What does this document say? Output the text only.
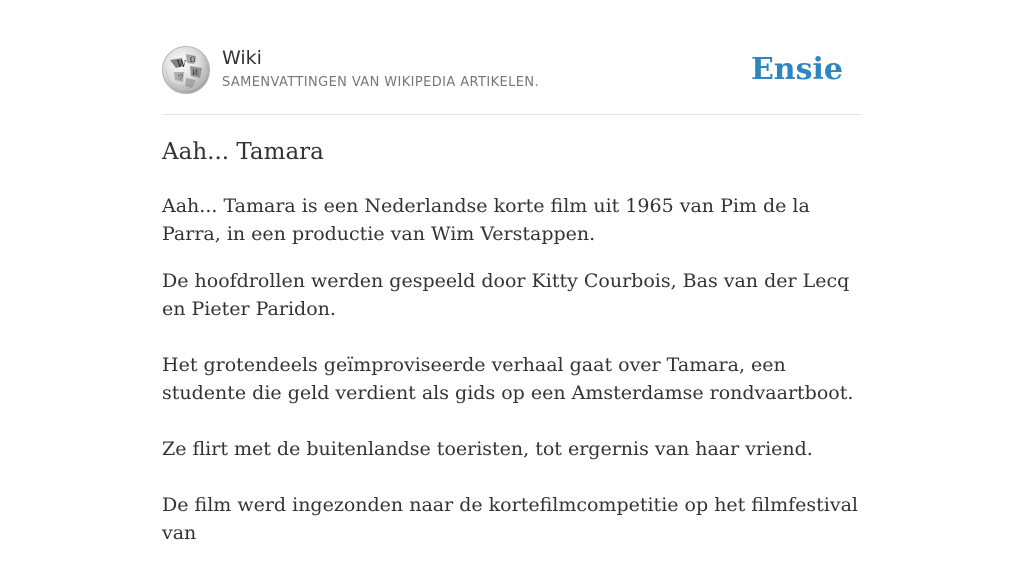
W Ω
И
ウ
Wiki
SAMENVATTINGEN VAN WIKIPEDIA ARTIKELEN.	Ensie
Aah... Tamara

Aah... Tamara is een Nederlandse korte film uit 1965 van Pim de la Parra, in een productie van Wim Verstappen.

De hoofdrollen werden gespeeld door Kitty Courbois, Bas van der Lecq en Pieter Paridon.

Het grotendeels geïmproviseerde verhaal gaat over Tamara, een studente die geld verdient als gids op een Amsterdamse rondvaartboot.

Ze flirt met de buitenlandse toeristen, tot ergernis van haar vriend.

De film werd ingezonden naar de kortefilmcompetitie op het filmfestival van
